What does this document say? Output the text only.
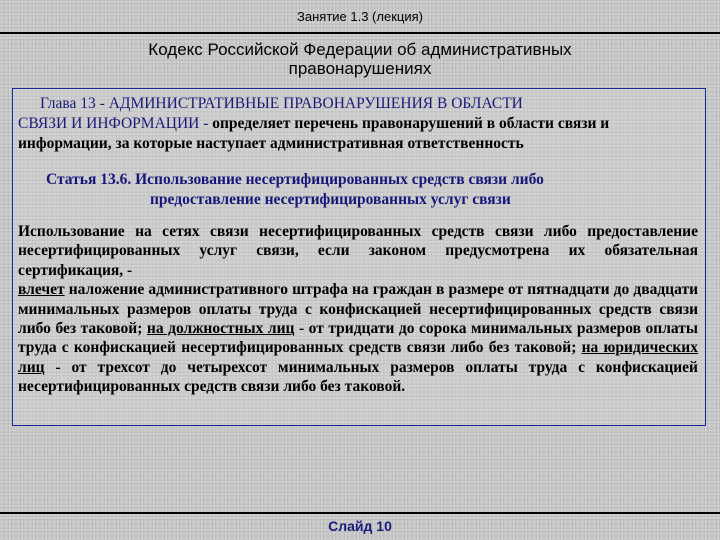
Занятие 1.3 (лекция)
Кодекс Российской Федерации об административных
правонарушениях
Глава 13 - АДМИНИСТРАТИВНЫЕ ПРАВОНАРУШЕНИЯ В ОБЛАСТИ
СВЯЗИ И ИНФОРМАЦИИ - определяет перечень правонарушений в области связи и информации, за которые наступает административная ответственность
Статья 13.6. Использование несертифицированных средств связи либо
предоставление несертифицированных услуг связи
Использование на сетях связи несертифицированных средств связи либо предоставление несертифицированных услуг связи, если законом предусмотрена их обязательная сертификация, -
влечет наложение административного штрафа на граждан в размере от пятнадцати до двадцати минимальных размеров оплаты труда с конфискацией несертифицированных средств связи либо без таковой; на должностных лиц - от тридцати до сорока минимальных размеров оплаты труда с конфискацией несертифицированных средств связи либо без таковой; на юридических лиц - от трехсот до четырехсот минимальных размеров оплаты труда с конфискацией несертифицированных средств связи либо без таковой.
Слайд 10
